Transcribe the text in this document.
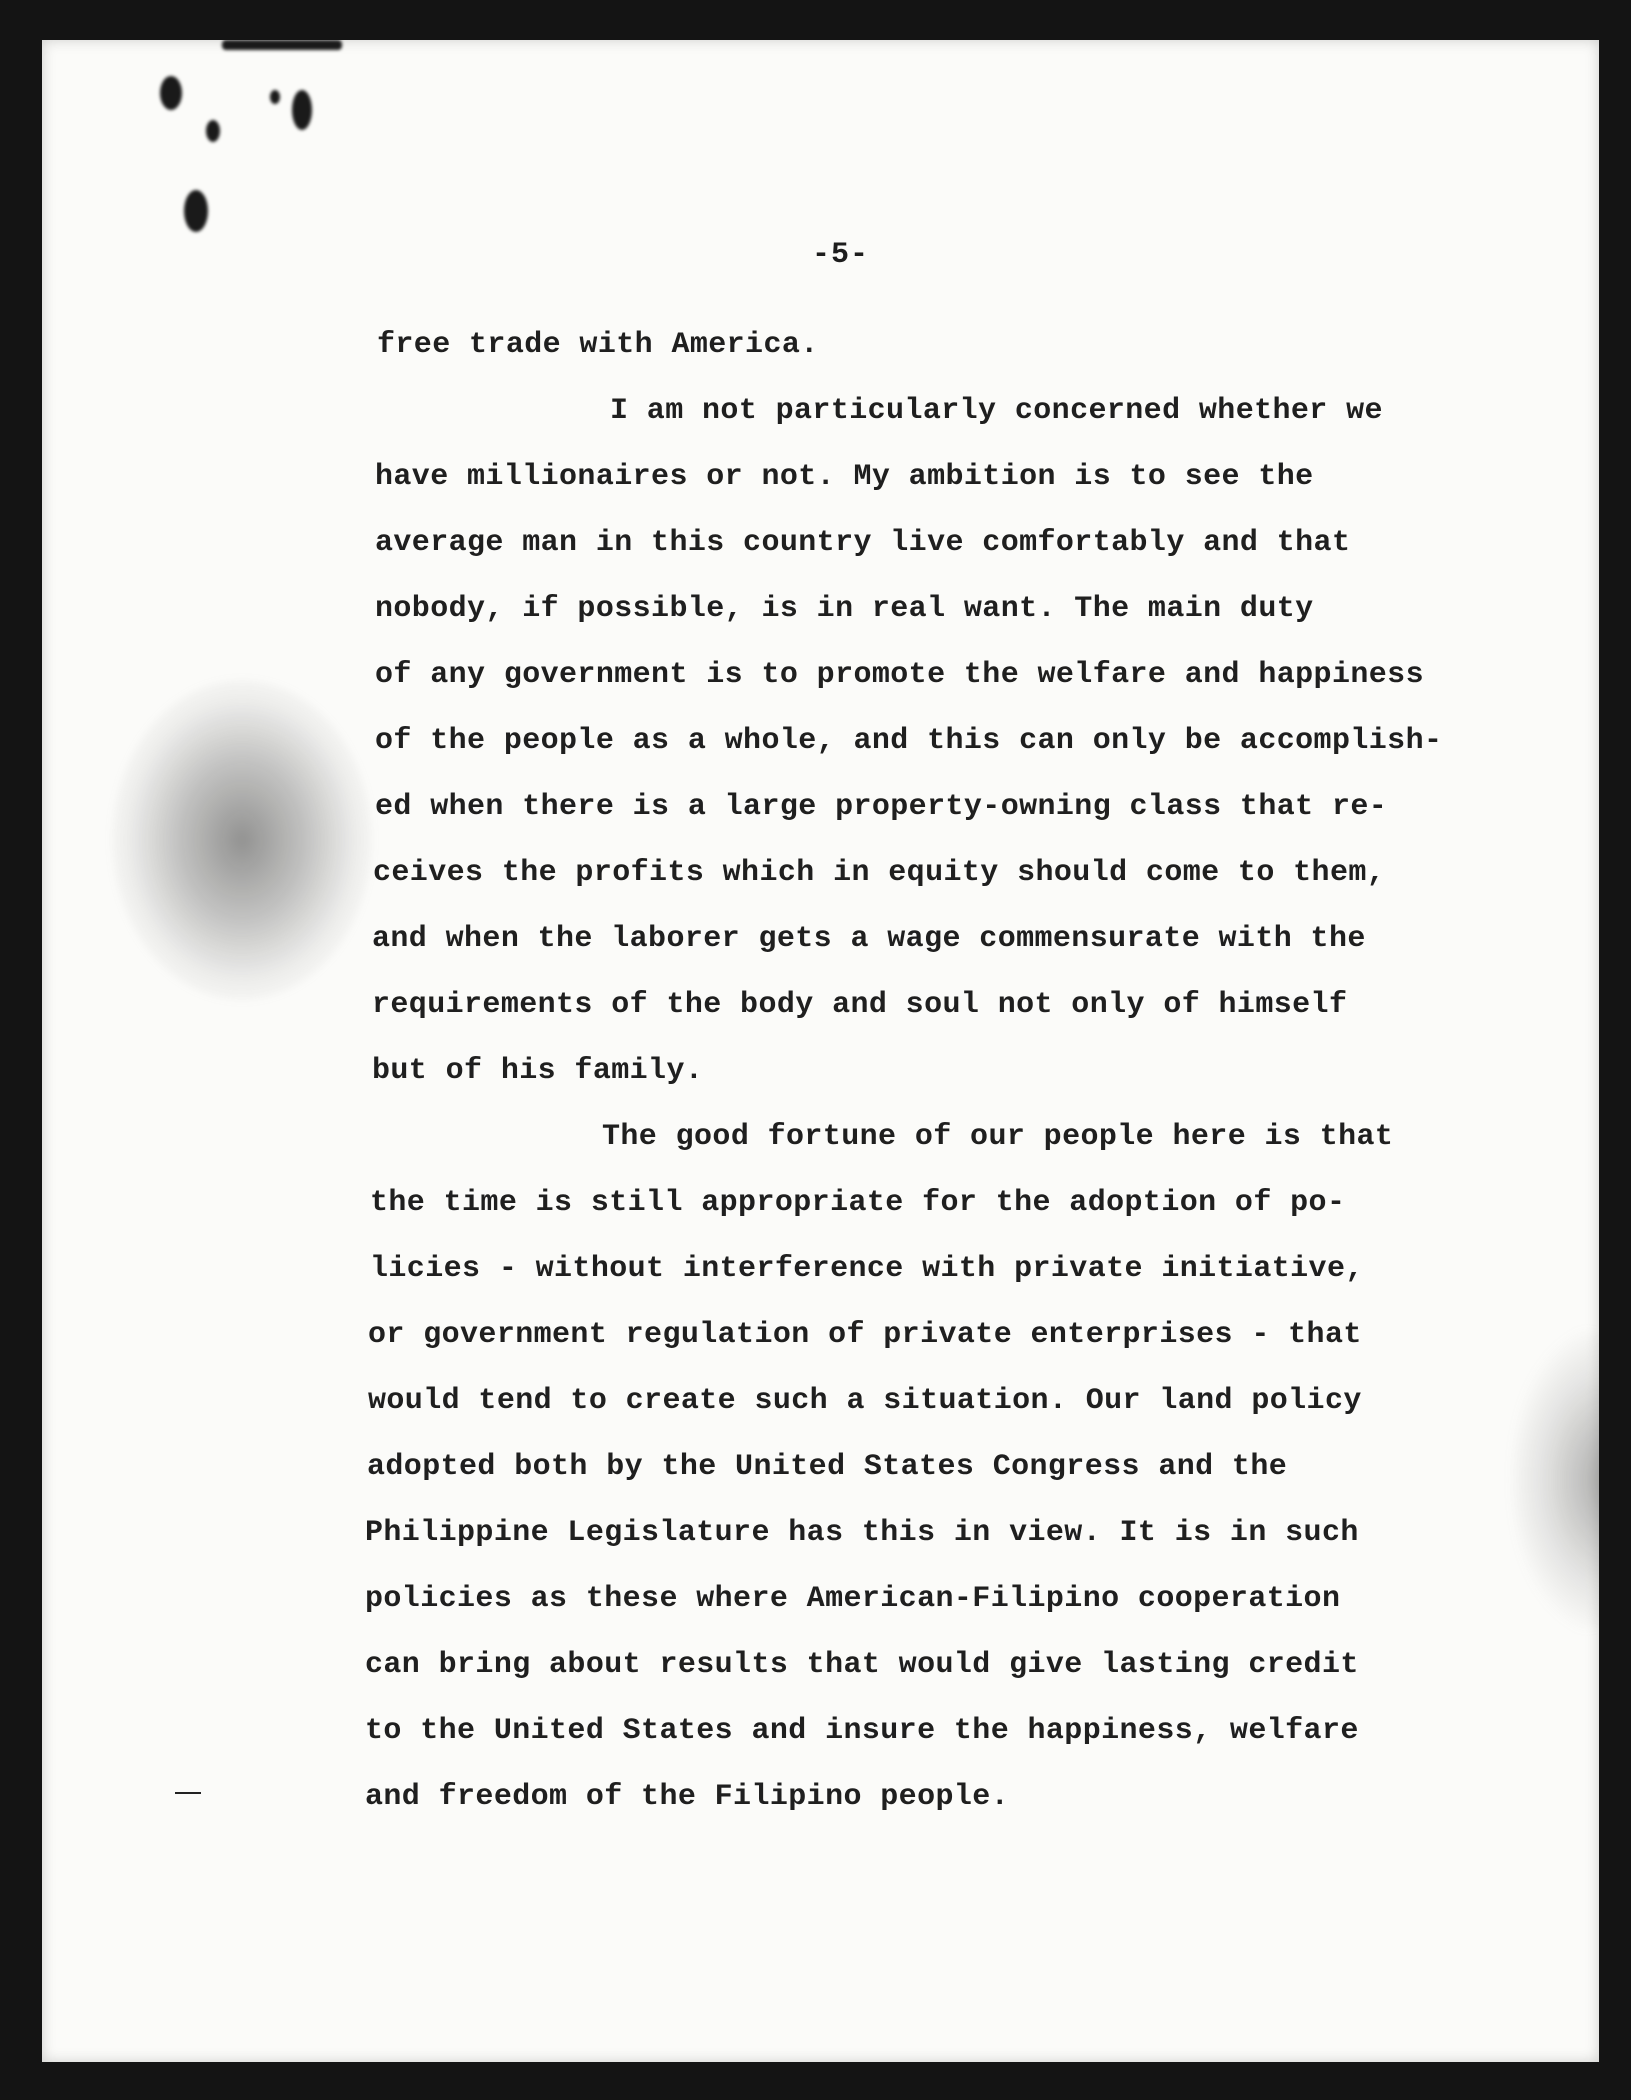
-5-
free trade with America.
I am not particularly concerned whether we
have millionaires or not. My ambition is to see the
average man in this country live comfortably and that
nobody, if possible, is in real want. The main duty
of any government is to promote the welfare and happiness
of the people as a whole, and this can only be accomplish-
ed when there is a large property-owning class that re-
ceives the profits which in equity should come to them,
and when the laborer gets a wage commensurate with the
requirements of the body and soul not only of himself
but of his family.
The good fortune of our people here is that
the time is still appropriate for the adoption of po-
licies - without interference with private initiative,
or government regulation of private enterprises - that
would tend to create such a situation. Our land policy
adopted both by the United States Congress and the
Philippine Legislature has this in view. It is in such
policies as these where American-Filipino cooperation
can bring about results that would give lasting credit
to the United States and insure the happiness, welfare
and freedom of the Filipino people.
